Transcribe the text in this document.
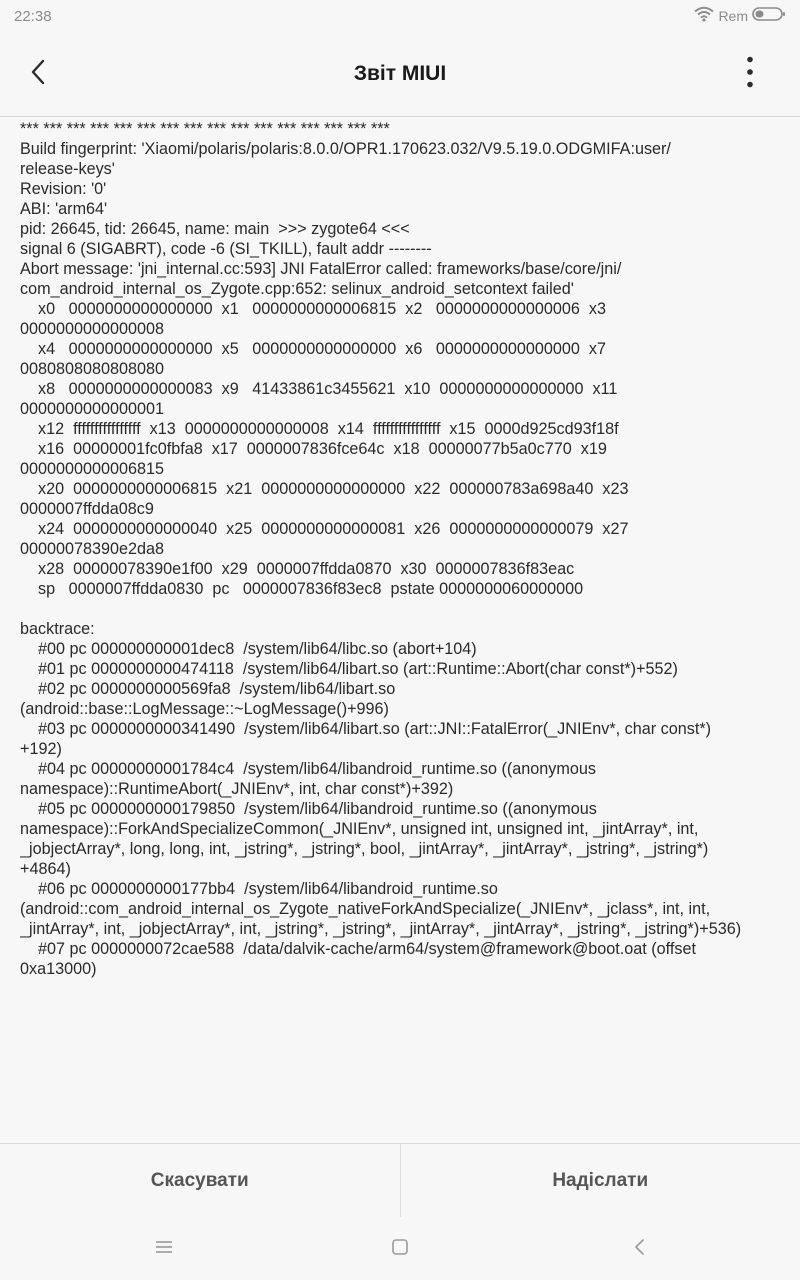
22:38	Rem
Звіт MIUI
*** *** *** *** *** *** *** *** *** *** *** *** *** *** *** ***
Build fingerprint: 'Xiaomi/polaris/polaris:8.0.0/OPR1.170623.032/V9.5.19.0.ODGMIFA:user/
release-keys'
Revision: '0'
ABI: 'arm64'
pid: 26645, tid: 26645, name: main  >>> zygote64 <<<
signal 6 (SIGABRT), code -6 (SI_TKILL), fault addr --------
Abort message: 'jni_internal.cc:593] JNI FatalError called: frameworks/base/core/jni/
com_android_internal_os_Zygote.cpp:652: selinux_android_setcontext failed'
x0   0000000000000000  x1   0000000000006815  x2   0000000000000006  x3
0000000000000008
x4   0000000000000000  x5   0000000000000000  x6   0000000000000000  x7
0080808080808080
x8   0000000000000083  x9   41433861c3455621  x10  0000000000000000  x11
0000000000000001
x12  ffffffffffffffff  x13  0000000000000008  x14  ffffffffffffffff  x15  0000d925cd93f18f
x16  00000001fc0fbfa8  x17  0000007836fce64c  x18  00000077b5a0c770  x19
0000000000006815
x20  0000000000006815  x21  0000000000000000  x22  000000783a698a40  x23
0000007ffdda08c9
x24  0000000000000040  x25  0000000000000081  x26  0000000000000079  x27
00000078390e2da8
x28  00000078390e1f00  x29  0000007ffdda0870  x30  0000007836f83eac
sp   0000007ffdda0830  pc   0000007836f83ec8  pstate 0000000060000000

backtrace:
#00 pc 000000000001dec8  /system/lib64/libc.so (abort+104)
#01 pc 0000000000474118  /system/lib64/libart.so (art::Runtime::Abort(char const*)+552)
#02 pc 0000000000569fa8  /system/lib64/libart.so
(android::base::LogMessage::~LogMessage()+996)
#03 pc 0000000000341490  /system/lib64/libart.so (art::JNI::FatalError(_JNIEnv*, char const*)
+192)
#04 pc 00000000001784c4  /system/lib64/libandroid_runtime.so ((anonymous
namespace)::RuntimeAbort(_JNIEnv*, int, char const*)+392)
#05 pc 0000000000179850  /system/lib64/libandroid_runtime.so ((anonymous
namespace)::ForkAndSpecializeCommon(_JNIEnv*, unsigned int, unsigned int, _jintArray*, int,
_jobjectArray*, long, long, int, _jstring*, _jstring*, bool, _jintArray*, _jintArray*, _jstring*, _jstring*)
+4864)
#06 pc 0000000000177bb4  /system/lib64/libandroid_runtime.so
(android::com_android_internal_os_Zygote_nativeForkAndSpecialize(_JNIEnv*, _jclass*, int, int,
_jintArray*, int, _jobjectArray*, int, _jstring*, _jstring*, _jintArray*, _jintArray*, _jstring*, _jstring*)+536)
#07 pc 0000000072cae588  /data/dalvik-cache/arm64/system@framework@boot.oat (offset
0xa13000)

Скасувати	Надіслати
